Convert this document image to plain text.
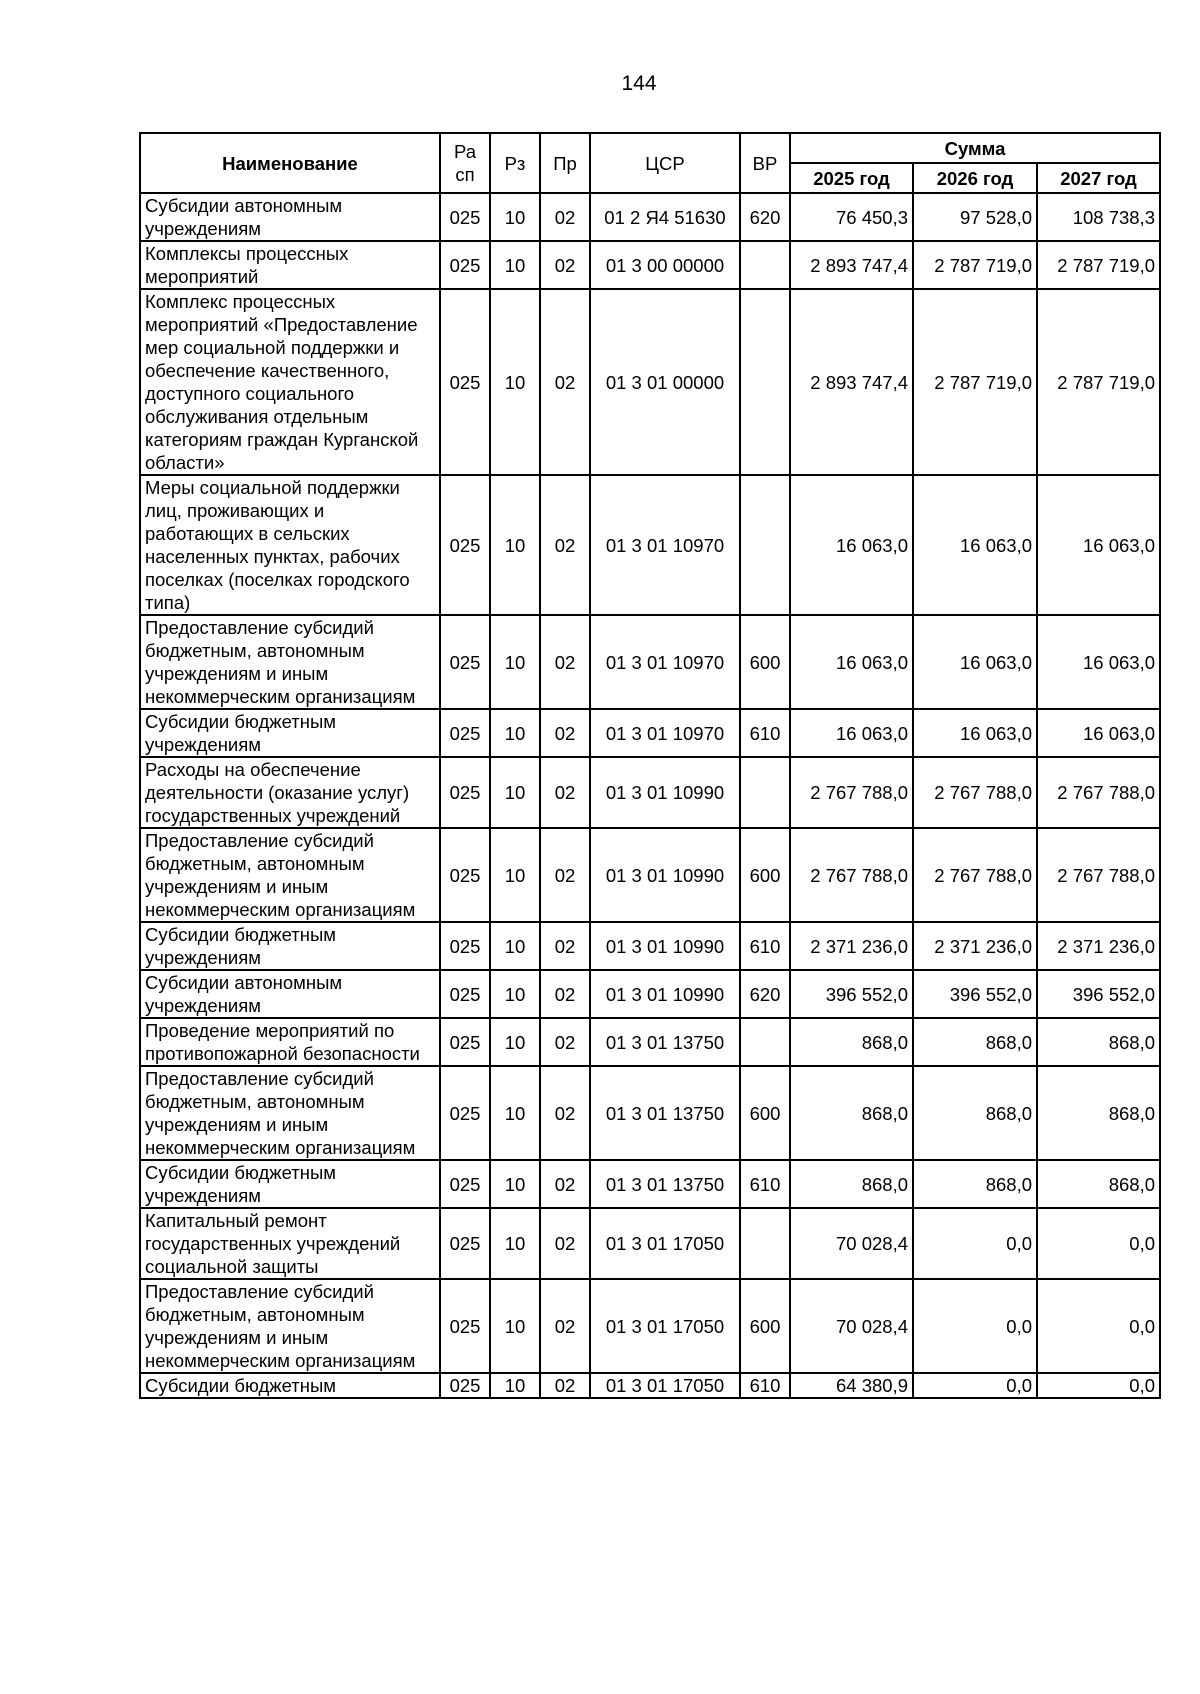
144
Наименование	Ра сп	Рз	Пр	ЦСР	ВР	Сумма		
						2025 год	2026 год	2027 год
Субсидии автономным учреждениям	025	10	02	01 2 Я4 51630	620	76 450,3	97 528,0	108 738,3
Комплексы процессных мероприятий	025	10	02	01 3 00 00000		2 893 747,4	2 787 719,0	2 787 719,0
Комплекс процессных мероприятий «Предоставление мер социальной поддержки и обеспечение качественного, доступного социального обслуживания отдельным категориям граждан Курганской области»	025	10	02	01 3 01 00000		2 893 747,4	2 787 719,0	2 787 719,0
Меры социальной поддержки лиц, проживающих и работающих в сельских населенных пунктах, рабочих поселках (поселках городского типа)	025	10	02	01 3 01 10970		16 063,0	16 063,0	16 063,0
Предоставление субсидий бюджетным, автономным учреждениям и иным некоммерческим организациям	025	10	02	01 3 01 10970	600	16 063,0	16 063,0	16 063,0
Субсидии бюджетным учреждениям	025	10	02	01 3 01 10970	610	16 063,0	16 063,0	16 063,0
Расходы на обеспечение деятельности (оказание услуг) государственных учреждений	025	10	02	01 3 01 10990		2 767 788,0	2 767 788,0	2 767 788,0
Предоставление субсидий бюджетным, автономным учреждениям и иным некоммерческим организациям	025	10	02	01 3 01 10990	600	2 767 788,0	2 767 788,0	2 767 788,0
Субсидии бюджетным учреждениям	025	10	02	01 3 01 10990	610	2 371 236,0	2 371 236,0	2 371 236,0
Субсидии автономным учреждениям	025	10	02	01 3 01 10990	620	396 552,0	396 552,0	396 552,0
Проведение мероприятий по противопожарной безопасности	025	10	02	01 3 01 13750		868,0	868,0	868,0
Предоставление субсидий бюджетным, автономным учреждениям и иным некоммерческим организациям	025	10	02	01 3 01 13750	600	868,0	868,0	868,0
Субсидии бюджетным учреждениям	025	10	02	01 3 01 13750	610	868,0	868,0	868,0
Капитальный ремонт государственных учреждений социальной защиты	025	10	02	01 3 01 17050		70 028,4	0,0	0,0
Предоставление субсидий бюджетным, автономным учреждениям и иным некоммерческим организациям	025	10	02	01 3 01 17050	600	70 028,4	0,0	0,0
Субсидии бюджетным	025	10	02	01 3 01 17050	610	64 380,9	0,0	0,0
